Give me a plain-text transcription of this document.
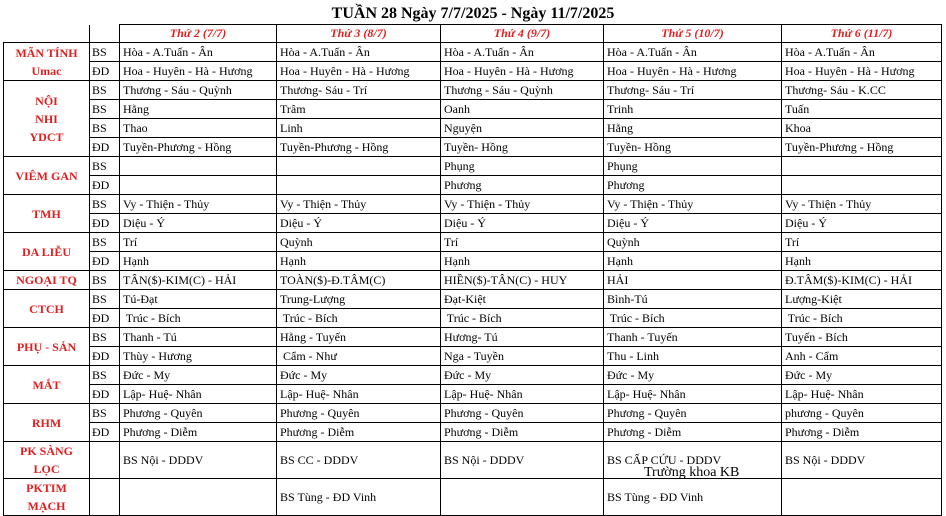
TUẦN 28 Ngày 7/7/2025 - Ngày 11/7/2025
		Thứ 2 (7/7)	Thứ 3 (8/7)	Thứ 4 (9/7)	Thứ 5 (10/7)	Thứ 6 (11/7)
MÃN TÍNH
Umac	BS	Hòa - A.Tuấn - Ân	Hòa - A.Tuấn - Ân	Hòa - A.Tuấn - Ân	Hòa - A.Tuấn - Ân	Hòa - A.Tuấn - Ân
	ĐD	Hoa - Huyên - Hà - Hương	Hoa - Huyên - Hà - Hương	Hoa - Huyên - Hà - Hương	Hoa - Huyên - Hà - Hương	Hoa - Huyên - Hà - Hương
NỘI
NHI
YDCT	BS	Thương - Sáu - Quỳnh	Thương- Sáu - Trí	Thương - Sáu - Quỳnh	Thương- Sáu - Trí	Thương- Sáu - K.CC
	BS	Hằng	Trâm	Oanh	Trinh	Tuấn
	BS	Thao	Linh	Nguyện	Hằng	Khoa
	ĐD	Tuyền-Phương - Hồng	Tuyền-Phương - Hồng	Tuyền- Hồng	Tuyền- Hồng	Tuyền-Phương - Hồng
VIÊM GAN	BS			Phụng	Phụng	
	ĐD			Phương	Phương	
TMH	BS	Vy - Thiện - Thủy	Vy - Thiện - Thủy	Vy - Thiện - Thủy	Vy - Thiện - Thủy	Vy - Thiện - Thủy
	ĐD	Diệu - Ý	Diệu - Ý	Diệu - Ý	Diệu - Ý	Diệu - Ý
DA LIỄU	BS	Trí	Quỳnh	Trí	Quỳnh	Trí
	ĐD	Hạnh	Hạnh	Hạnh	Hạnh	Hạnh
NGOẠI TQ	BS	TÂN($)-KIM(C) - HẢI	TOÀN($)-Đ.TÂM(C)	HIỀN($)-TÂN(C) - HUY	HẢI	Đ.TÂM($)-KIM(C) - HẢI
CTCH	BS	Tú-Đạt	Trung-Lượng	Đạt-Kiệt	Bình-Tú	Lượng-Kiệt
	ĐD	Trúc - Bích	Trúc - Bích	Trúc - Bích	Trúc - Bích	Trúc - Bích
PHỤ - SẢN	BS	Thanh - Tú	Hằng - Tuyến	Hương- Tú	Thanh - Tuyến	Tuyến - Bích
	ĐD	Thùy - Hương	Cẩm - Như	Nga - Tuyền	Thu - Linh	Anh - Cẩm
MẮT	BS	Đức - My	Đức - My	Đức - My	Đức - My	Đức - My
	ĐD	Lập- Huệ- Nhân	Lập- Huệ- Nhân	Lập- Huệ- Nhân	Lập- Huệ- Nhân	Lập- Huệ- Nhân
RHM	BS	Phương - Quyên	Phương - Quyên	Phương - Quyên	Phương - Quyên	phương - Quyên
	ĐD	Phương - Diễm	Phương - Diễm	Phương - Diễm	Phương - Diễm	Phương - Diễm
PK SÀNG LỌC		BS Nội - DDDV	BS CC - DDDV	BS Nội - DDDV	BS CẤP CỨU - DDDV	BS Nội - DDDV
PKTIM MẠCH			BS Tùng - ĐD Vinh		BS Tùng - ĐD Vinh	
Trường khoa KB
